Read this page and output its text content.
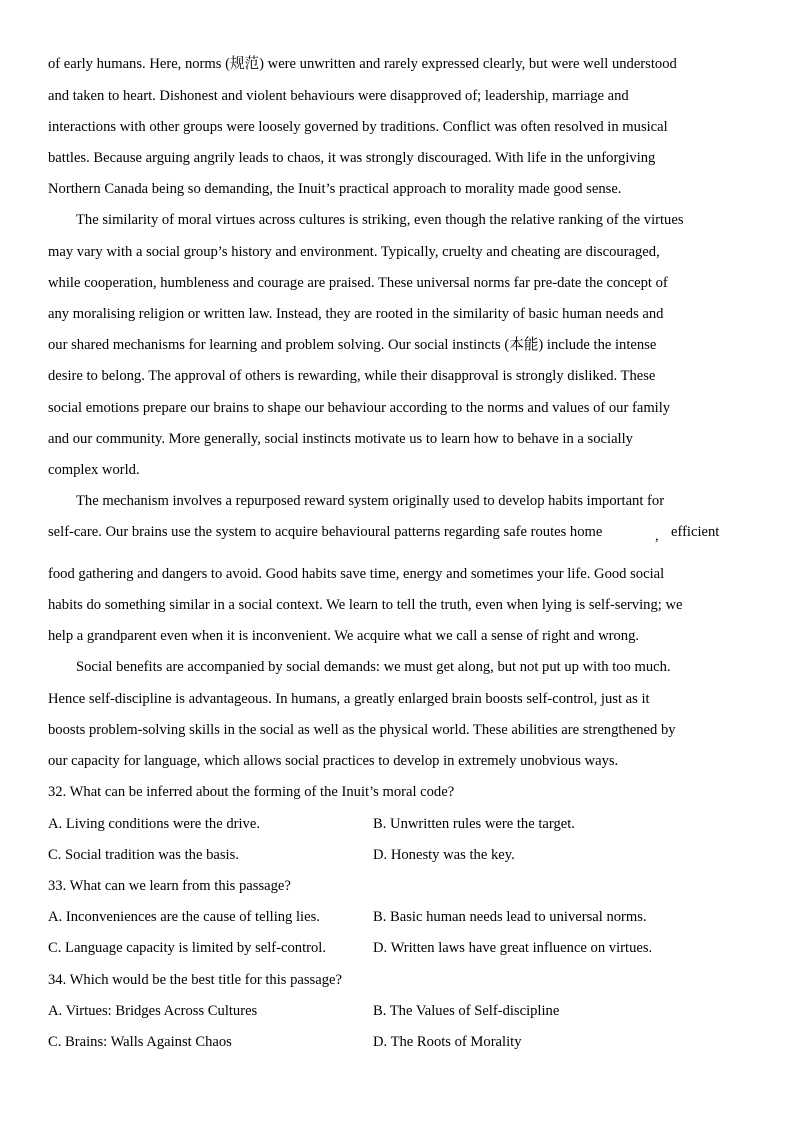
of early humans. Here, norms (规范) were unwritten and rarely expressed clearly, but were well understood
and taken to heart. Dishonest and violent behaviours were disapproved of; leadership, marriage and
interactions with other groups were loosely governed by traditions. Conflict was often resolved in musical
battles. Because arguing angrily leads to chaos, it was strongly discouraged. With life in the unforgiving
Northern Canada being so demanding, the Inuit’s practical approach to morality made good sense.
The similarity of moral virtues across cultures is striking, even though the relative ranking of the virtues
may vary with a social group’s history and environment. Typically, cruelty and cheating are discouraged,
while cooperation, humbleness and courage are praised. These universal norms far pre-date the concept of
any moralising religion or written law. Instead, they are rooted in the similarity of basic human needs and
our shared mechanisms for learning and problem solving. Our social instincts (本能) include the intense
desire to belong. The approval of others is rewarding, while their disapproval is strongly disliked. These
social emotions prepare our brains to shape our behaviour according to the norms and values of our family
and our community. More generally, social instincts motivate us to learn how to behave in a socially
complex world.
The mechanism involves a repurposed reward system originally used to develop habits important for
self-care. Our brains use the system to acquire behavioural patterns regarding safe routes home	, efficient
food gathering and dangers to avoid. Good habits save time, energy and sometimes your life. Good social
habits do something similar in a social context. We learn to tell the truth, even when lying is self-serving; we
help a grandparent even when it is inconvenient. We acquire what we call a sense of right and wrong.
Social benefits are accompanied by social demands: we must get along, but not put up with too much.
Hence self-discipline is advantageous. In humans, a greatly enlarged brain boosts self-control, just as it
boosts problem-solving skills in the social as well as the physical world. These abilities are strengthened by
our capacity for language, which allows social practices to develop in extremely unobvious ways.
32. What can be inferred about the forming of the Inuit’s moral code?
A. Living conditions were the drive.	B. Unwritten rules were the target.
C. Social tradition was the basis.	D. Honesty was the key.
33. What can we learn from this passage?
A. Inconveniences are the cause of telling lies.	B. Basic human needs lead to universal norms.
C. Language capacity is limited by self-control.	D. Written laws have great influence on virtues.
34. Which would be the best title for this passage?
A. Virtues: Bridges Across Cultures	B. The Values of Self-discipline
C. Brains: Walls Against Chaos	D. The Roots of Morality
